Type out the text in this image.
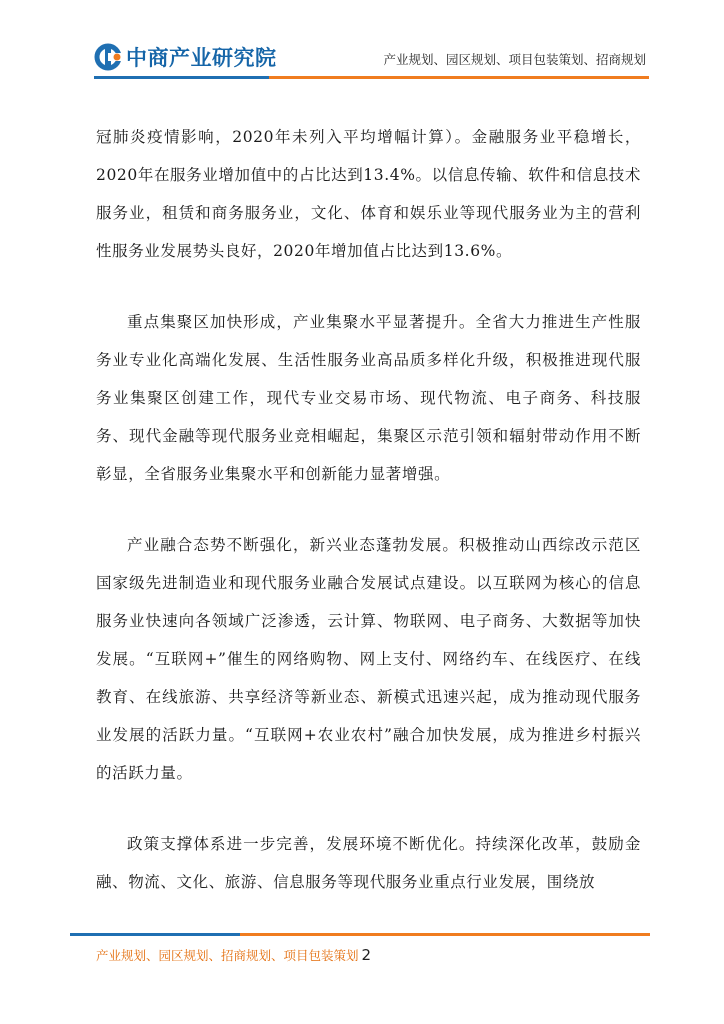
中商产业研究院	产业规划、园区规划、项目包装策划、招商规划

冠肺炎疫情影响，2020年未列入平均增幅计算）。金融服务业平稳增长，2020年在服务业增加值中的占比达到13.4%。以信息传输、软件和信息技术服务业，租赁和商务服务业，文化、体育和娱乐业等现代服务业为主的营利性服务业发展势头良好，2020年增加值占比达到13.6%。

重点集聚区加快形成，产业集聚水平显著提升。全省大力推进生产性服务业专业化高端化发展、生活性服务业高品质多样化升级，积极推进现代服务业集聚区创建工作，现代专业交易市场、现代物流、电子商务、科技服务、现代金融等现代服务业竞相崛起，集聚区示范引领和辐射带动作用不断彰显，全省服务业集聚水平和创新能力显著增强。

产业融合态势不断强化，新兴业态蓬勃发展。积极推动山西综改示范区国家级先进制造业和现代服务业融合发展试点建设。以互联网为核心的信息服务业快速向各领域广泛渗透，云计算、物联网、电子商务、大数据等加快发展。“互联网+”催生的网络购物、网上支付、网络约车、在线医疗、在线教育、在线旅游、共享经济等新业态、新模式迅速兴起，成为推动现代服务业发展的活跃力量。“互联网+农业农村”融合加快发展，成为推进乡村振兴的活跃力量。

政策支撑体系进一步完善，发展环境不断优化。持续深化改革，鼓励金融、物流、文化、旅游、信息服务等现代服务业重点行业发展，围绕放

产业规划、园区规划、招商规划、项目包装策划 2
